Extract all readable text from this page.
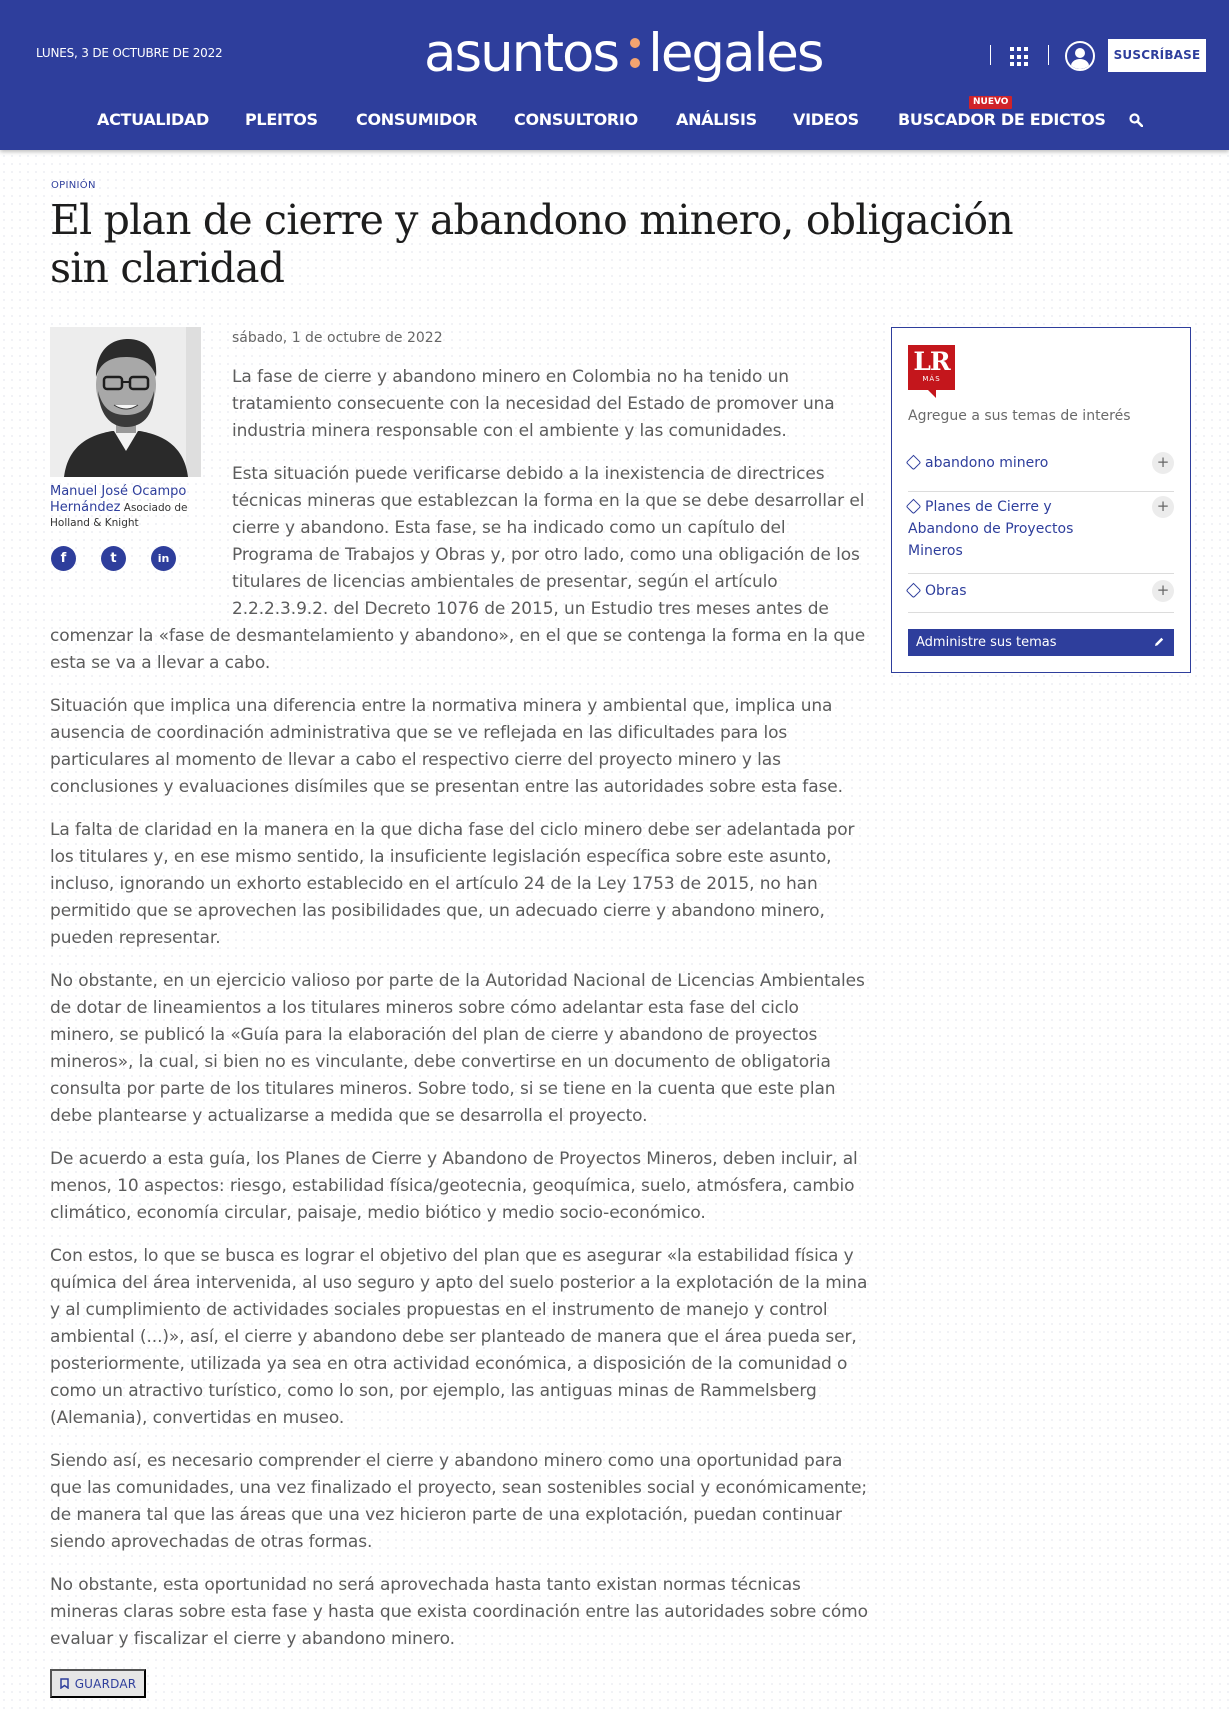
LUNES, 3 DE OCTUBRE DE 2022	asuntos legales	SUSCRÍBASE
NUEVO
ACTUALIDAD PLEITOS CONSUMIDOR CONSULTORIO ANÁLISIS VIDEOS BUSCADOR DE EDICTOS
OPINIÓN
El plan de cierre y abandono minero, obligación sin claridad
Manuel José Ocampo Hernández Asociado de Holland & Knight
f	t	in
sábado, 1 de octubre de 2022

La fase de cierre y abandono minero en Colombia no ha tenido un tratamiento consecuente con la necesidad del Estado de promover una industria minera responsable con el ambiente y las comunidades.

Esta situación puede verificarse debido a la inexistencia de directrices técnicas mineras que establezcan la forma en la que se debe desarrollar el cierre y abandono. Esta fase, se ha indicado como un capítulo del Programa de Trabajos y Obras y, por otro lado, como una obligación de los titulares de licencias ambientales de presentar, según el artículo 2.2.2.3.9.2. del Decreto 1076 de 2015, un Estudio tres meses antes de comenzar la «fase de desmantelamiento y abandono», en el que se contenga la forma en la que esta se va a llevar a cabo.

Situación que implica una diferencia entre la normativa minera y ambiental que, implica una ausencia de coordinación administrativa que se ve reflejada en las dificultades para los particulares al momento de llevar a cabo el respectivo cierre del proyecto minero y las conclusiones y evaluaciones disímiles que se presentan entre las autoridades sobre esta fase.

La falta de claridad en la manera en la que dicha fase del ciclo minero debe ser adelantada por los titulares y, en ese mismo sentido, la insuficiente legislación específica sobre este asunto, incluso, ignorando un exhorto establecido en el artículo 24 de la Ley 1753 de 2015, no han permitido que se aprovechen las posibilidades que, un adecuado cierre y abandono minero, pueden representar.

No obstante, en un ejercicio valioso por parte de la Autoridad Nacional de Licencias Ambientales de dotar de lineamientos a los titulares mineros sobre cómo adelantar esta fase del ciclo minero, se publicó la «Guía para la elaboración del plan de cierre y abandono de proyectos mineros», la cual, si bien no es vinculante, debe convertirse en un documento de obligatoria consulta por parte de los titulares mineros. Sobre todo, si se tiene en la cuenta que este plan debe plantearse y actualizarse a medida que se desarrolla el proyecto.

De acuerdo a esta guía, los Planes de Cierre y Abandono de Proyectos Mineros, deben incluir, al menos, 10 aspectos: riesgo, estabilidad física/geotecnia, geoquímica, suelo, atmósfera, cambio climático, economía circular, paisaje, medio biótico y medio socio-económico.

Con estos, lo que se busca es lograr el objetivo del plan que es asegurar «la estabilidad física y química del área intervenida, al uso seguro y apto del suelo posterior a la explotación de la mina y al cumplimiento de actividades sociales propuestas en el instrumento de manejo y control ambiental (...)», así, el cierre y abandono debe ser planteado de manera que el área pueda ser, posteriormente, utilizada ya sea en otra actividad económica, a disposición de la comunidad o como un atractivo turístico, como lo son, por ejemplo, las antiguas minas de Rammelsberg (Alemania), convertidas en museo.

Siendo así, es necesario comprender el cierre y abandono minero como una oportunidad para que las comunidades, una vez finalizado el proyecto, sean sostenibles social y económicamente; de manera tal que las áreas que una vez hicieron parte de una explotación, puedan continuar siendo aprovechadas de otras formas.

No obstante, esta oportunidad no será aprovechada hasta tanto existan normas técnicas mineras claras sobre esta fase y hasta que exista coordinación entre las autoridades sobre cómo evaluar y fiscalizar el cierre y abandono minero.

GUARDAR
LR
MÁS
Agregue a sus temas de interés
abandono minero	+
Planes de Cierre y Abandono de Proyectos Mineros
+
Obras	+
Administre sus temas
